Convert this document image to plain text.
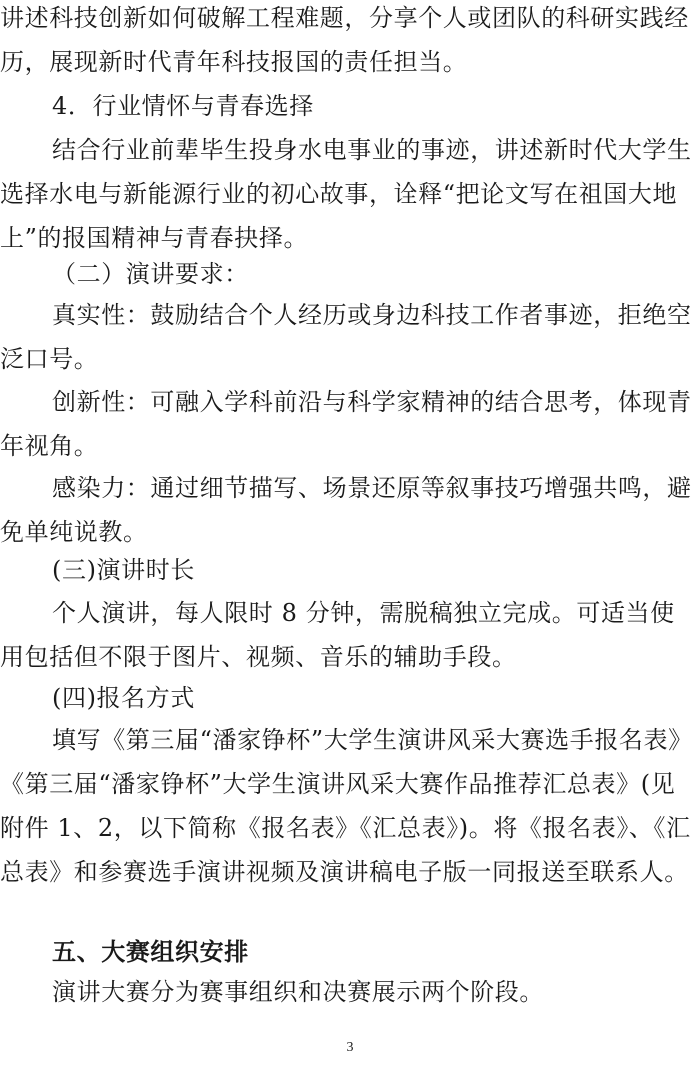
讲述科技创新如何破解工程难题，分享个人或团队的科研实践经历，展现新时代青年科技报国的责任担当。

4．行业情怀与青春选择

结合行业前辈毕生投身水电事业的事迹，讲述新时代大学生选择水电与新能源行业的初心故事，诠释“把论文写在祖国大地上”的报国精神与青春抉择。

（二）演讲要求：

真实性：鼓励结合个人经历或身边科技工作者事迹，拒绝空泛口号。

创新性：可融入学科前沿与科学家精神的结合思考，体现青年视角。

感染力：通过细节描写、场景还原等叙事技巧增强共鸣，避免单纯说教。

(三)演讲时长

个人演讲，每人限时 8 分钟，需脱稿独立完成。可适当使用包括但不限于图片、视频、音乐的辅助手段。

(四)报名方式

填写《第三届“潘家铮杯”大学生演讲风采大赛选手报名表》《第三届“潘家铮杯”大学生演讲风采大赛作品推荐汇总表》(见附件 1、2，以下简称《报名表》《汇总表》)。将《报名表》、《汇总表》和参赛选手演讲视频及演讲稿电子版一同报送至联系人。

五、大赛组织安排

演讲大赛分为赛事组织和决赛展示两个阶段。

3
